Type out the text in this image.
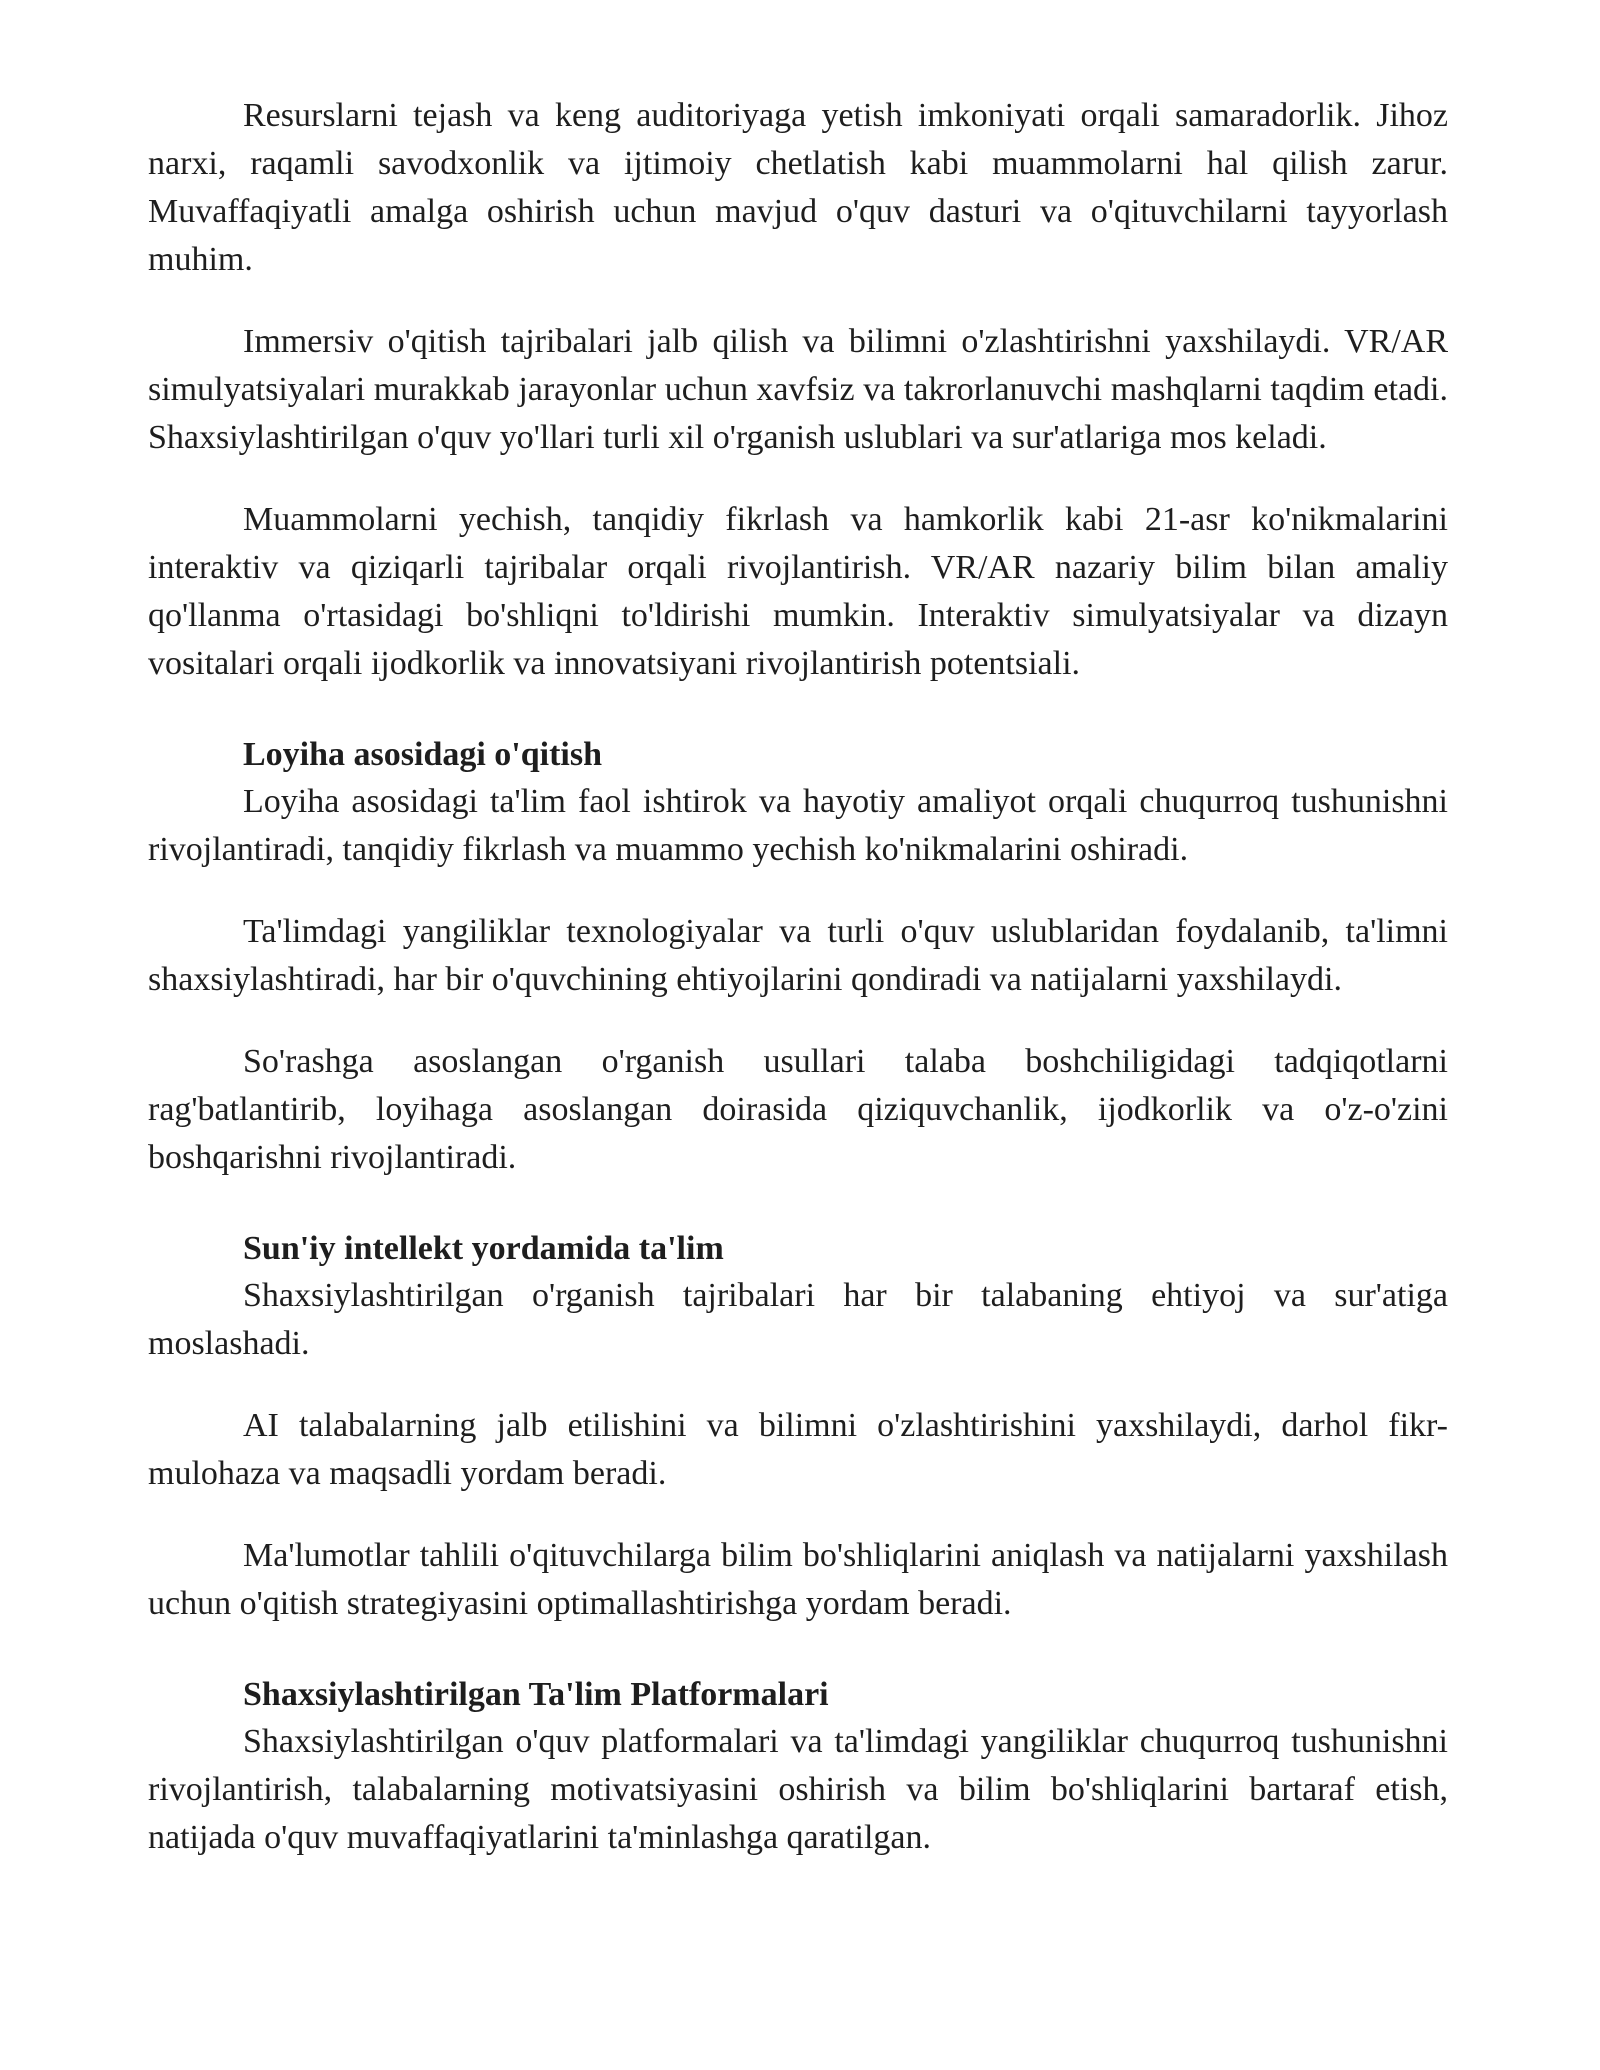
Resurslarni tejash va keng auditoriyaga yetish imkoniyati orqali samaradorlik. Jihoz narxi, raqamli savodxonlik va ijtimoiy chetlatish kabi muammolarni hal qilish zarur. Muvaffaqiyatli amalga oshirish uchun mavjud o'quv dasturi va o'qituvchilarni tayyorlash muhim.

Immersiv o'qitish tajribalari jalb qilish va bilimni o'zlashtirishni yaxshilaydi. VR/AR simulyatsiyalari murakkab jarayonlar uchun xavfsiz va takrorlanuvchi mashqlarni taqdim etadi. Shaxsiylashtirilgan o'quv yo'llari turli xil o'rganish uslublari va sur'atlariga mos keladi.

Muammolarni yechish, tanqidiy fikrlash va hamkorlik kabi 21-asr ko'nikmalarini interaktiv va qiziqarli tajribalar orqali rivojlantirish. VR/AR nazariy bilim bilan amaliy qo'llanma o'rtasidagi bo'shliqni to'ldirishi mumkin. Interaktiv simulyatsiyalar va dizayn vositalari orqali ijodkorlik va innovatsiyani rivojlantirish potentsiali.

Loyiha asosidagi o'qitish

Loyiha asosidagi ta'lim faol ishtirok va hayotiy amaliyot orqali chuqurroq tushunishni rivojlantiradi, tanqidiy fikrlash va muammo yechish ko'nikmalarini oshiradi.

Ta'limdagi yangiliklar texnologiyalar va turli o'quv uslublaridan foydalanib, ta'limni shaxsiylashtiradi, har bir o'quvchining ehtiyojlarini qondiradi va natijalarni yaxshilaydi.

So'rashga asoslangan o'rganish usullari talaba boshchiligidagi tadqiqotlarni rag'batlantirib, loyihaga asoslangan doirasida qiziquvchanlik, ijodkorlik va o'z-o'zini boshqarishni rivojlantiradi.

Sun'iy intellekt yordamida ta'lim

Shaxsiylashtirilgan o'rganish tajribalari har bir talabaning ehtiyoj va sur'atiga moslashadi.

AI talabalarning jalb etilishini va bilimni o'zlashtirishini yaxshilaydi, darhol fikr-mulohaza va maqsadli yordam beradi.

Ma'lumotlar tahlili o'qituvchilarga bilim bo'shliqlarini aniqlash va natijalarni yaxshilash uchun o'qitish strategiyasini optimallashtirishga yordam beradi.

Shaxsiylashtirilgan Ta'lim Platformalari

Shaxsiylashtirilgan o'quv platformalari va ta'limdagi yangiliklar chuqurroq tushunishni rivojlantirish, talabalarning motivatsiyasini oshirish va bilim bo'shliqlarini bartaraf etish, natijada o'quv muvaffaqiyatlarini ta'minlashga qaratilgan.
